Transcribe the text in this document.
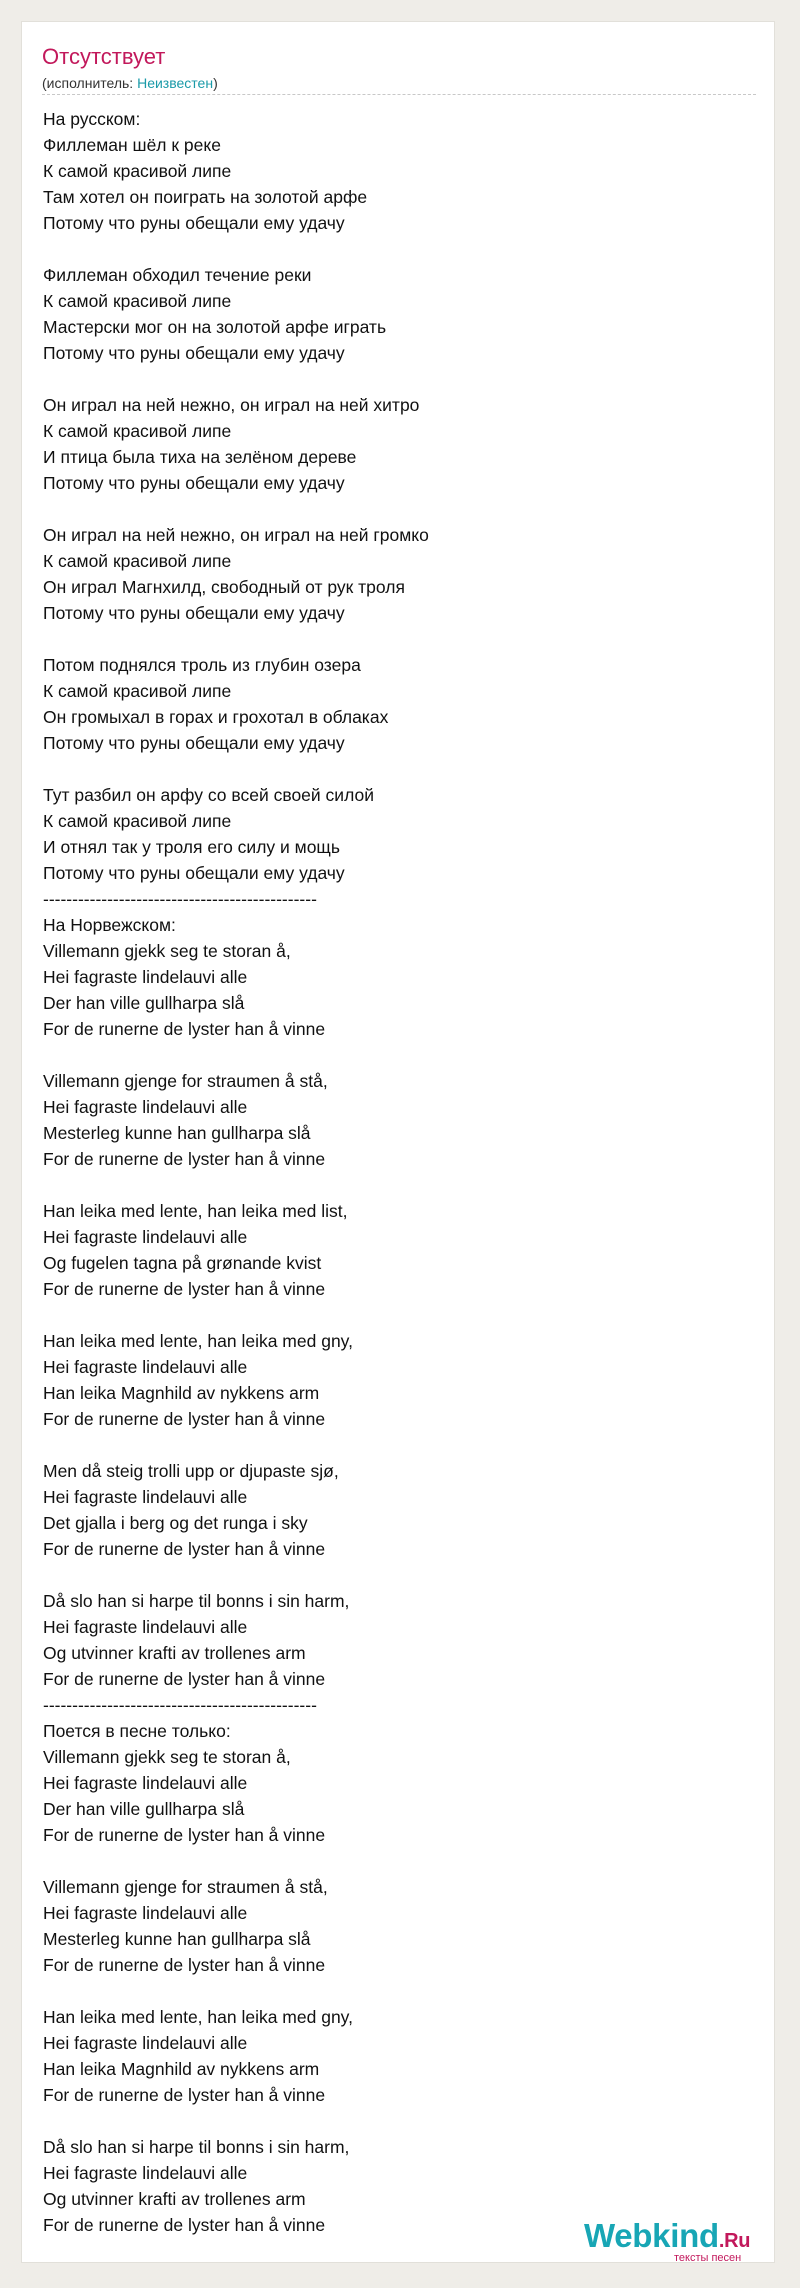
Отсутствует
(исполнитель: Неизвестен)
На русском:
Филлеман шёл к реке
К самой красивой липе
Там хотел он поиграть на золотой арфе
Потому что руны обещали ему удачу
Филлеман обходил течение реки
К самой красивой липе
Мастерски мог он на золотой арфе играть
Потому что руны обещали ему удачу
Он играл на ней нежно, он играл на ней хитро
К самой красивой липе
И птица была тиха на зелёном дереве
Потому что руны обещали ему удачу
Он играл на ней нежно, он играл на ней громко
К самой красивой липе
Он играл Магнхилд, свободный от рук троля
Потому что руны обещали ему удачу
Потом поднялся троль из глубин озера
К самой красивой липе
Он громыхал в горах и грохотал в облаках
Потому что руны обещали ему удачу
Тут разбил он арфу со всей своей силой
К самой красивой липе
И отнял так у троля его силу и мощь
Потому что руны обещали ему удачу
-----------------------------------------------
На Норвежском:
Villemann gjekk seg te storan å,
Hei fagraste lindelauvi alle
Der han ville gullharpa slå
For de runerne de lyster han å vinne
Villemann gjenge for straumen å stå,
Hei fagraste lindelauvi alle
Mesterleg kunne han gullharpa slå
For de runerne de lyster han å vinne
Han leika med lente, han leika med list,
Hei fagraste lindelauvi alle
Og fugelen tagna på grønande kvist
For de runerne de lyster han å vinne
Han leika med lente, han leika med gny,
Hei fagraste lindelauvi alle
Han leika Magnhild av nykkens arm
For de runerne de lyster han å vinne
Men då steig trolli upp or djupaste sjø,
Hei fagraste lindelauvi alle
Det gjalla i berg og det runga i sky
For de runerne de lyster han å vinne
Då slo han si harpe til bonns i sin harm,
Hei fagraste lindelauvi alle
Og utvinner krafti av trollenes arm
For de runerne de lyster han å vinne
-----------------------------------------------
Поется в песне только:
Villemann gjekk seg te storan å,
Hei fagraste lindelauvi alle
Der han ville gullharpa slå
For de runerne de lyster han å vinne
Villemann gjenge for straumen å stå,
Hei fagraste lindelauvi alle
Mesterleg kunne han gullharpa slå
For de runerne de lyster han å vinne
Han leika med lente, han leika med gny,
Hei fagraste lindelauvi alle
Han leika Magnhild av nykkens arm
For de runerne de lyster han å vinne
Då slo han si harpe til bonns i sin harm,
Hei fagraste lindelauvi alle
Og utvinner krafti av trollenes arm
For de runerne de lyster han å vinne	Webkind.Ru
тексты песен
